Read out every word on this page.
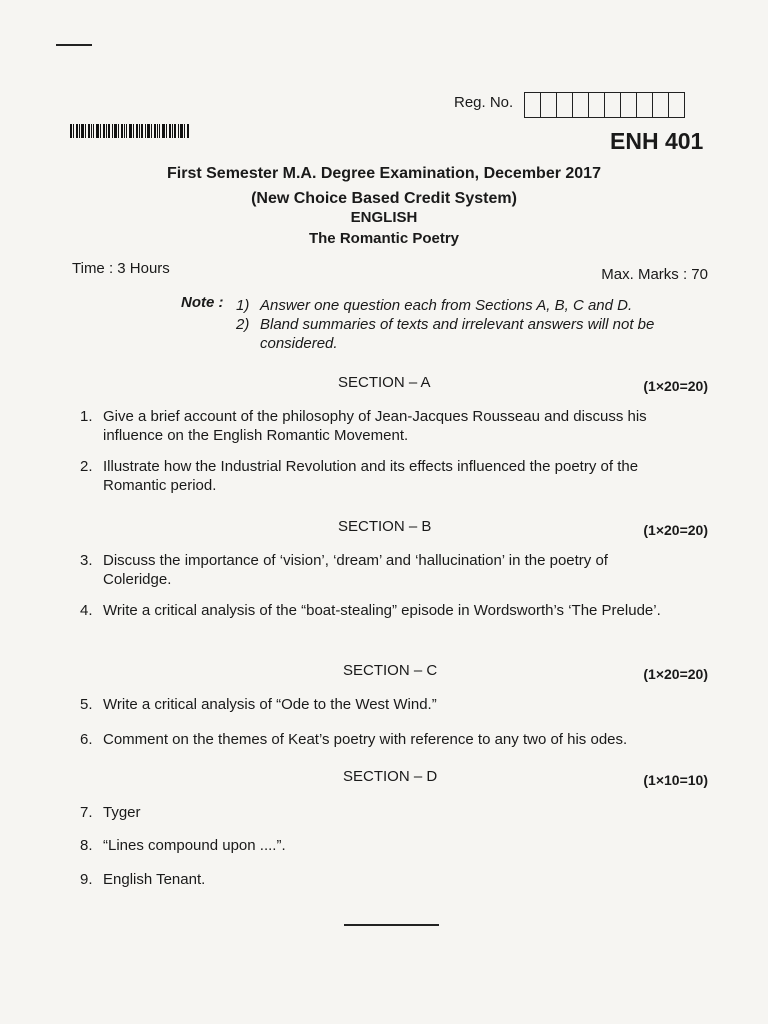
Reg. No.
ENH 401
First Semester M.A. Degree Examination, December 2017
(New Choice Based Credit System)
ENGLISH
The Romantic Poetry
Time : 3 Hours	Max. Marks : 70
Note : 1) Answer one question each from Sections A, B, C and D.
2) Bland summaries of texts and irrelevant answers will not be considered.
SECTION – A	(1×20=20)
1. Give a brief account of the philosophy of Jean-Jacques Rousseau and discuss his influence on the English Romantic Movement.
2. Illustrate how the Industrial Revolution and its effects influenced the poetry of the Romantic period.
SECTION – B	(1×20=20)
3. Discuss the importance of ‘vision’, ‘dream’ and ‘hallucination’ in the poetry of Coleridge.
4. Write a critical analysis of the “boat-stealing” episode in Wordsworth’s ‘The Prelude’.
SECTION – C	(1×20=20)
5. Write a critical analysis of “Ode to the West Wind.”
6. Comment on the themes of Keat’s poetry with reference to any two of his odes.
SECTION – D	(1×10=10)
7. Tyger
8. “Lines compound upon ....”.
9. English Tenant.
